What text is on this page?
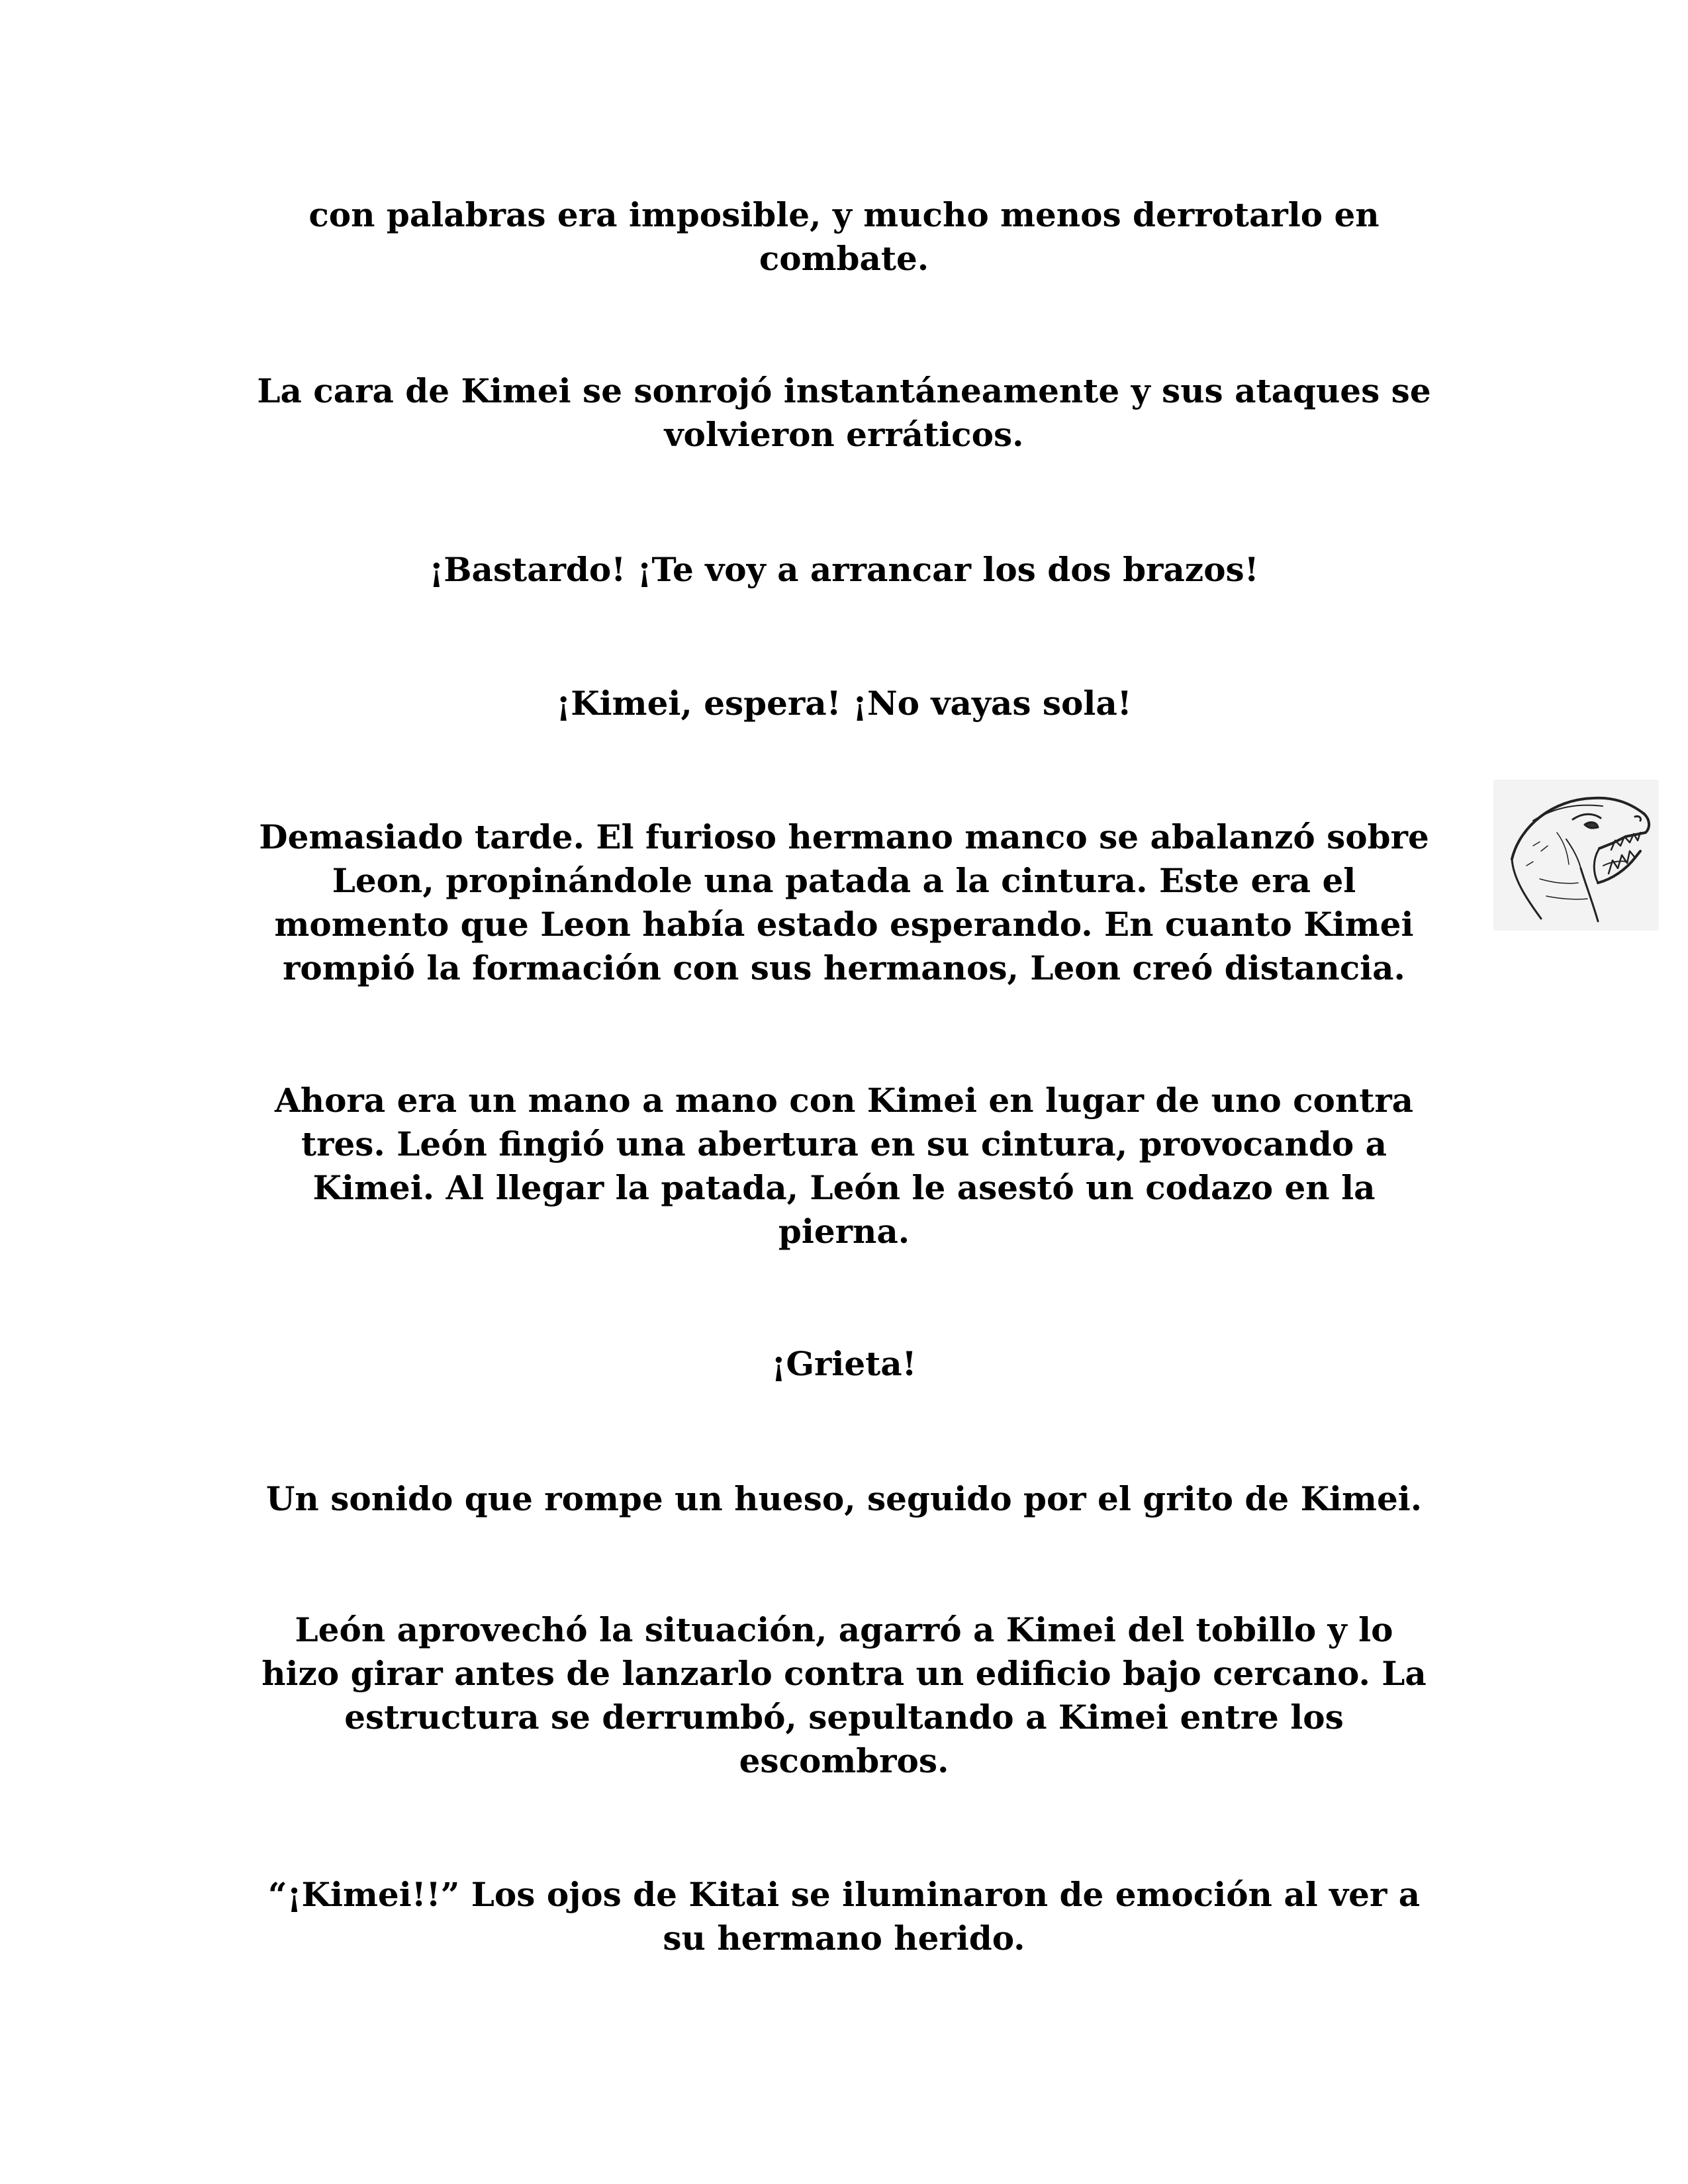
con palabras era imposible, y mucho menos derrotarlo en
combate.

La cara de Kimei se sonrojó instantáneamente y sus ataques se
volvieron erráticos.

¡Bastardo! ¡Te voy a arrancar los dos brazos!

¡Kimei, espera! ¡No vayas sola!

Demasiado tarde. El furioso hermano manco se abalanzó sobre
Leon, propinándole una patada a la cintura. Este era el
momento que Leon había estado esperando. En cuanto Kimei
rompió la formación con sus hermanos, Leon creó distancia.

Ahora era un mano a mano con Kimei en lugar de uno contra
tres. León fingió una abertura en su cintura, provocando a
Kimei. Al llegar la patada, León le asestó un codazo en la
pierna.

¡Grieta!

Un sonido que rompe un hueso, seguido por el grito de Kimei.

León aprovechó la situación, agarró a Kimei del tobillo y lo
hizo girar antes de lanzarlo contra un edificio bajo cercano. La
estructura se derrumbó, sepultando a Kimei entre los
escombros.

“¡Kimei!!” Los ojos de Kitai se iluminaron de emoción al ver a
su hermano herido.
